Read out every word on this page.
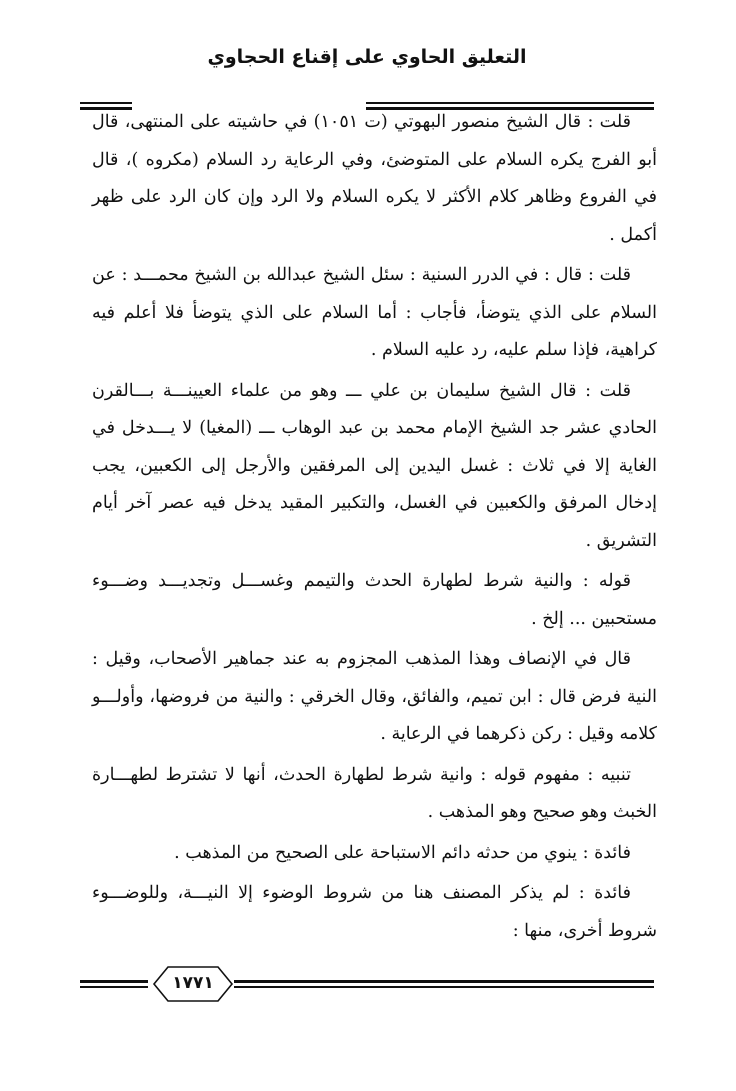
التعليق الحاوي على إقناع الحجاوي

قلت : قال الشيخ منصور البهوتي (ت ١٠٥١) في حاشيته على المنتهى، قال أبو الفرج يكره السلام على المتوضئ، وفي الرعاية رد السلام (مكروه )، قال في الفروع وظاهر كلام الأكثر لا يكره السلام ولا الرد وإن كان الرد على ظهر أكمل .

قلت : قال : في الدرر السنية : سئل الشيخ عبدالله بن الشيخ محمـــد : عن السلام على الذي يتوضأ، فأجاب : أما السلام على الذي يتوضأ فلا أعلم فيه كراهية، فإذا سلم عليه، رد عليه السلام .

قلت : قال الشيخ سليمان بن علي ـــ وهو من علماء العيينـــة بـــالقرن الحادي عشر جد الشيخ الإمام محمد بن عبد الوهاب ـــ (المغيا) لا يـــدخل في الغاية إلا في ثلاث : غسل اليدين إلى المرفقين والأرجل إلى الكعبين، يجب إدخال المرفق والكعبين في الغسل، والتكبير المقيد يدخل فيه عصر آخر أيام التشريق .

قوله : والنية شرط لطهارة الحدث والتيمم وغســـل وتجديـــد وضـــوء مستحبين ... إلخ .

قال في الإنصاف وهذا المذهب المجزوم به عند جماهير الأصحاب، وقيل : النية فرض قال : ابن تميم، والفائق، وقال الخرقي : والنية من فروضها، وأولـــو كلامه وقيل : ركن ذكرهما في الرعاية .

تنبيه : مفهوم قوله : وانية شرط لطهارة الحدث، أنها لا تشترط لطهـــارة الخبث وهو صحيح وهو المذهب .

فائدة : ينوي من حدثه دائم الاستباحة على الصحيح من المذهب .

فائدة : لم يذكر المصنف هنا من شروط الوضوء إلا النيـــة، وللوضـــوء شروط أخرى، منها :

١٧٧١
